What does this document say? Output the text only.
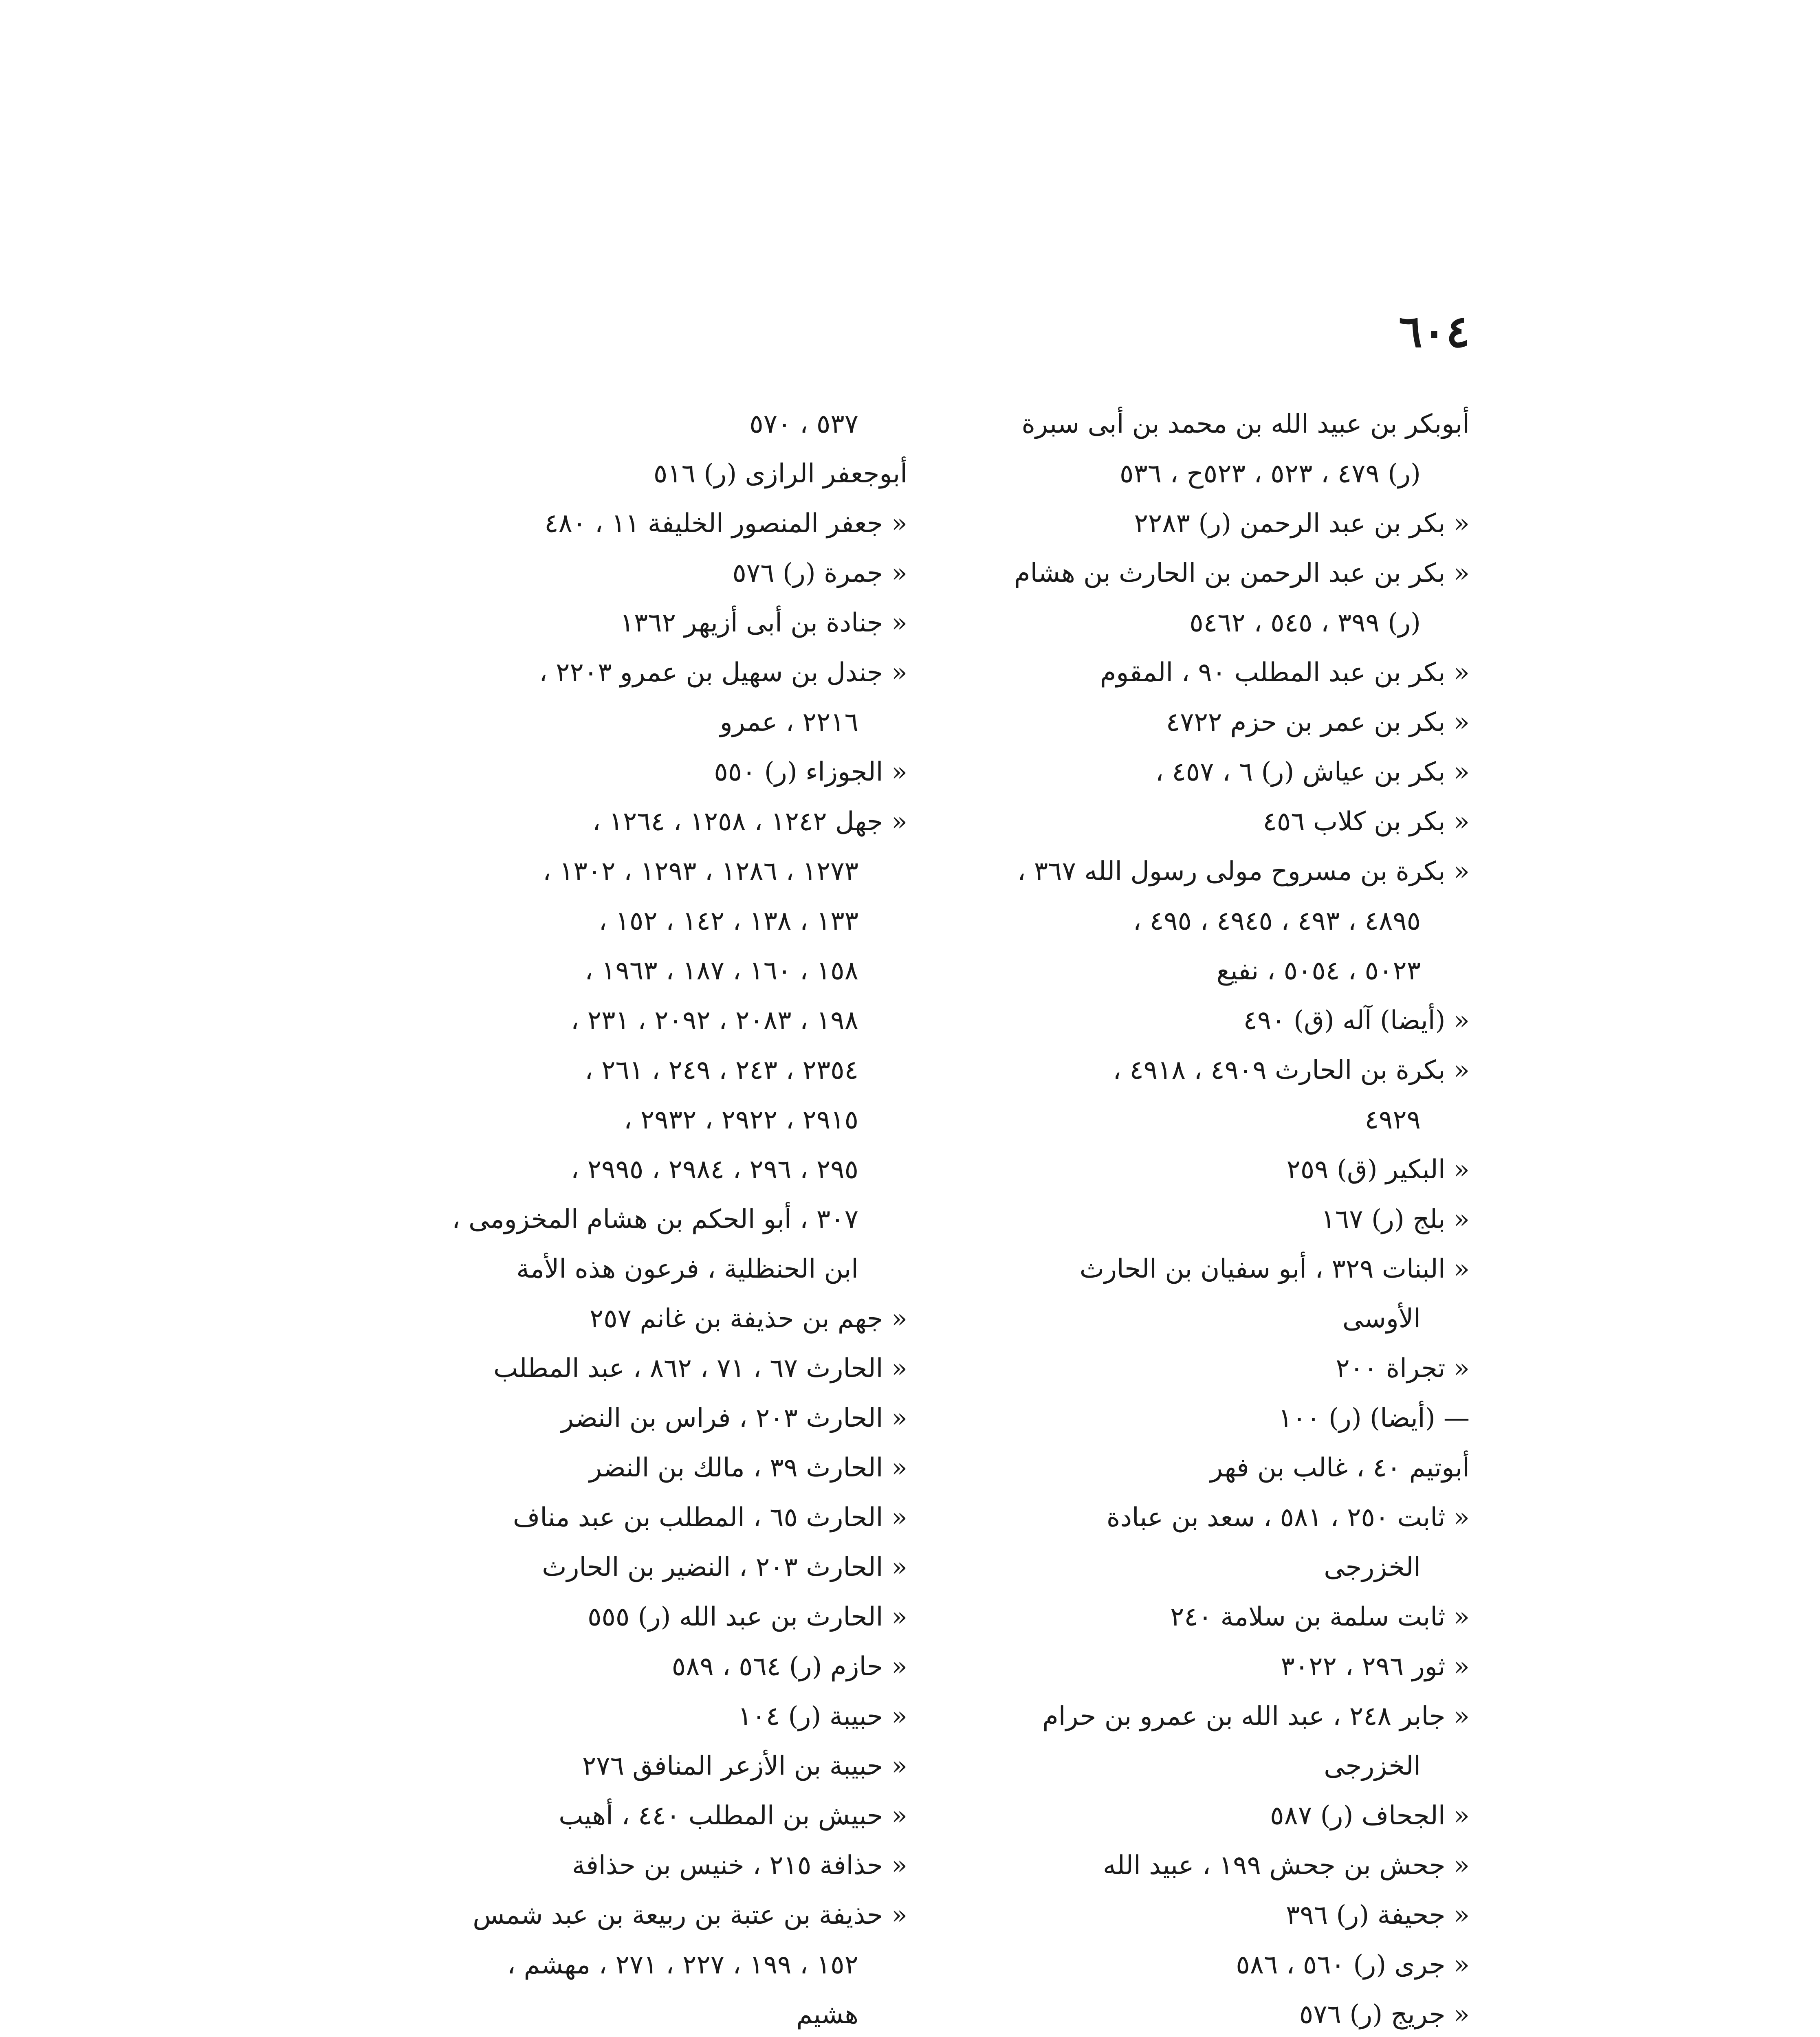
٦٠٤

أبوبكر بن عبيد الله بن محمد بن أبى سبرة

(ر) ٤٧٩ ، ٥٢٣ ، ٥٢٣ح ، ٥٣٦

« بكر بن عبد الرحمن (ر) ٢٢٨٣

« بكر بن عبد الرحمن بن الحارث بن هشام

(ر) ٣٩٩ ، ٥٤٥ ، ٥٤٦٢

« بكر بن عبد المطلب ٩٠ ، المقوم

« بكر بن عمر بن حزم ٤٧٢٢

« بكر بن عياش (ر) ٦ ، ٤٥٧ ،

« بكر بن كلاب ٤٥٦

« بكرة بن مسروح مولى رسول الله ٣٦٧ ،

٤٨٩٥ ، ٤٩٣ ، ٤٩٤٥ ، ٤٩٥ ،

٥٠٢٣ ، ٥٠٥٤ ، نفيع

« (أيضا) آله (ق) ٤٩٠

« بكرة بن الحارث ٤٩٠٩ ، ٤٩١٨ ،

٤٩٢٩

« البكير (ق) ٢٥٩

« بلج (ر) ١٦٧

« البنات ٣٢٩ ، أبو سفيان بن الحارث

الأوسى

« تجراة ٢٠٠

— (أيضا) (ر) ١٠٠

أبوتيم ٤٠ ، غالب بن فهر

« ثابت ٢٥٠ ، ٥٨١ ، سعد بن عبادة

الخزرجى

« ثابت سلمة بن سلامة ٢٤٠

« ثور ٢٩٦ ، ٣٠٢٢

« جابر ٢٤٨ ، عبد الله بن عمرو بن حرام

الخزرجى

« الجحاف (ر) ٥٨٧

« جحش بن جحش ١٩٩ ، عبيد الله

« جحيفة (ر) ٣٩٦

« جرى (ر) ٥٦٠ ، ٥٨٦

« جريج (ر) ٥٧٦

٥٣٧ ، ٥٧٠

أبوجعفر الرازى (ر) ٥١٦

« جعفر المنصور الخليفة ١١ ، ٤٨٠

« جمرة (ر) ٥٧٦

« جنادة بن أبى أزيهر ١٣٦٢

« جندل بن سهيل بن عمرو ٢٢٠٣ ،

٢٢١٦ ، عمرو

« الجوزاء (ر) ٥٥٠

« جهل ١٢٤٢ ، ١٢٥٨ ، ١٢٦٤ ،

١٢٧٣ ، ١٢٨٦ ، ١٢٩٣ ، ١٣٠٢ ،

١٣٣ ، ١٣٨ ، ١٤٢ ، ١٥٢ ،

١٥٨ ، ١٦٠ ، ١٨٧ ، ١٩٦٣ ،

١٩٨ ، ٢٠٨٣ ، ٢٠٩٢ ، ٢٣١ ،

٢٣٥٤ ، ٢٤٣ ، ٢٤٩ ، ٢٦١ ،

٢٩١٥ ، ٢٩٢٢ ، ٢٩٣٢ ،

٢٩٥ ، ٢٩٦ ، ٢٩٨٤ ، ٢٩٩٥ ،

٣٠٧ ، أبو الحكم بن هشام المخزومى ،

ابن الحنظلية ، فرعون هذه الأمة

« جهم بن حذيفة بن غانم ٢٥٧

« الحارث ٦٧ ، ٧١ ، ٨٦٢ ، عبد المطلب

« الحارث ٢٠٣ ، فراس بن النضر

« الحارث ٣٩ ، مالك بن النضر

« الحارث ٦٥ ، المطلب بن عبد مناف

« الحارث ٢٠٣ ، النضير بن الحارث

« الحارث بن عبد الله (ر) ٥٥٥

« حازم (ر) ٥٦٤ ، ٥٨٩

« حبيبة (ر) ١٠٤

« حبيبة بن الأزعر المنافق ٢٧٦

« حبيش بن المطلب ٤٤٠ ، أهيب

« حذافة ٢١٥ ، خنيس بن حذافة

« حذيفة بن عتبة بن ربيعة بن عبد شمس

١٥٢ ، ١٩٩ ، ٢٢٧ ، ٢٧١ ، مهشم ،

هشيم
